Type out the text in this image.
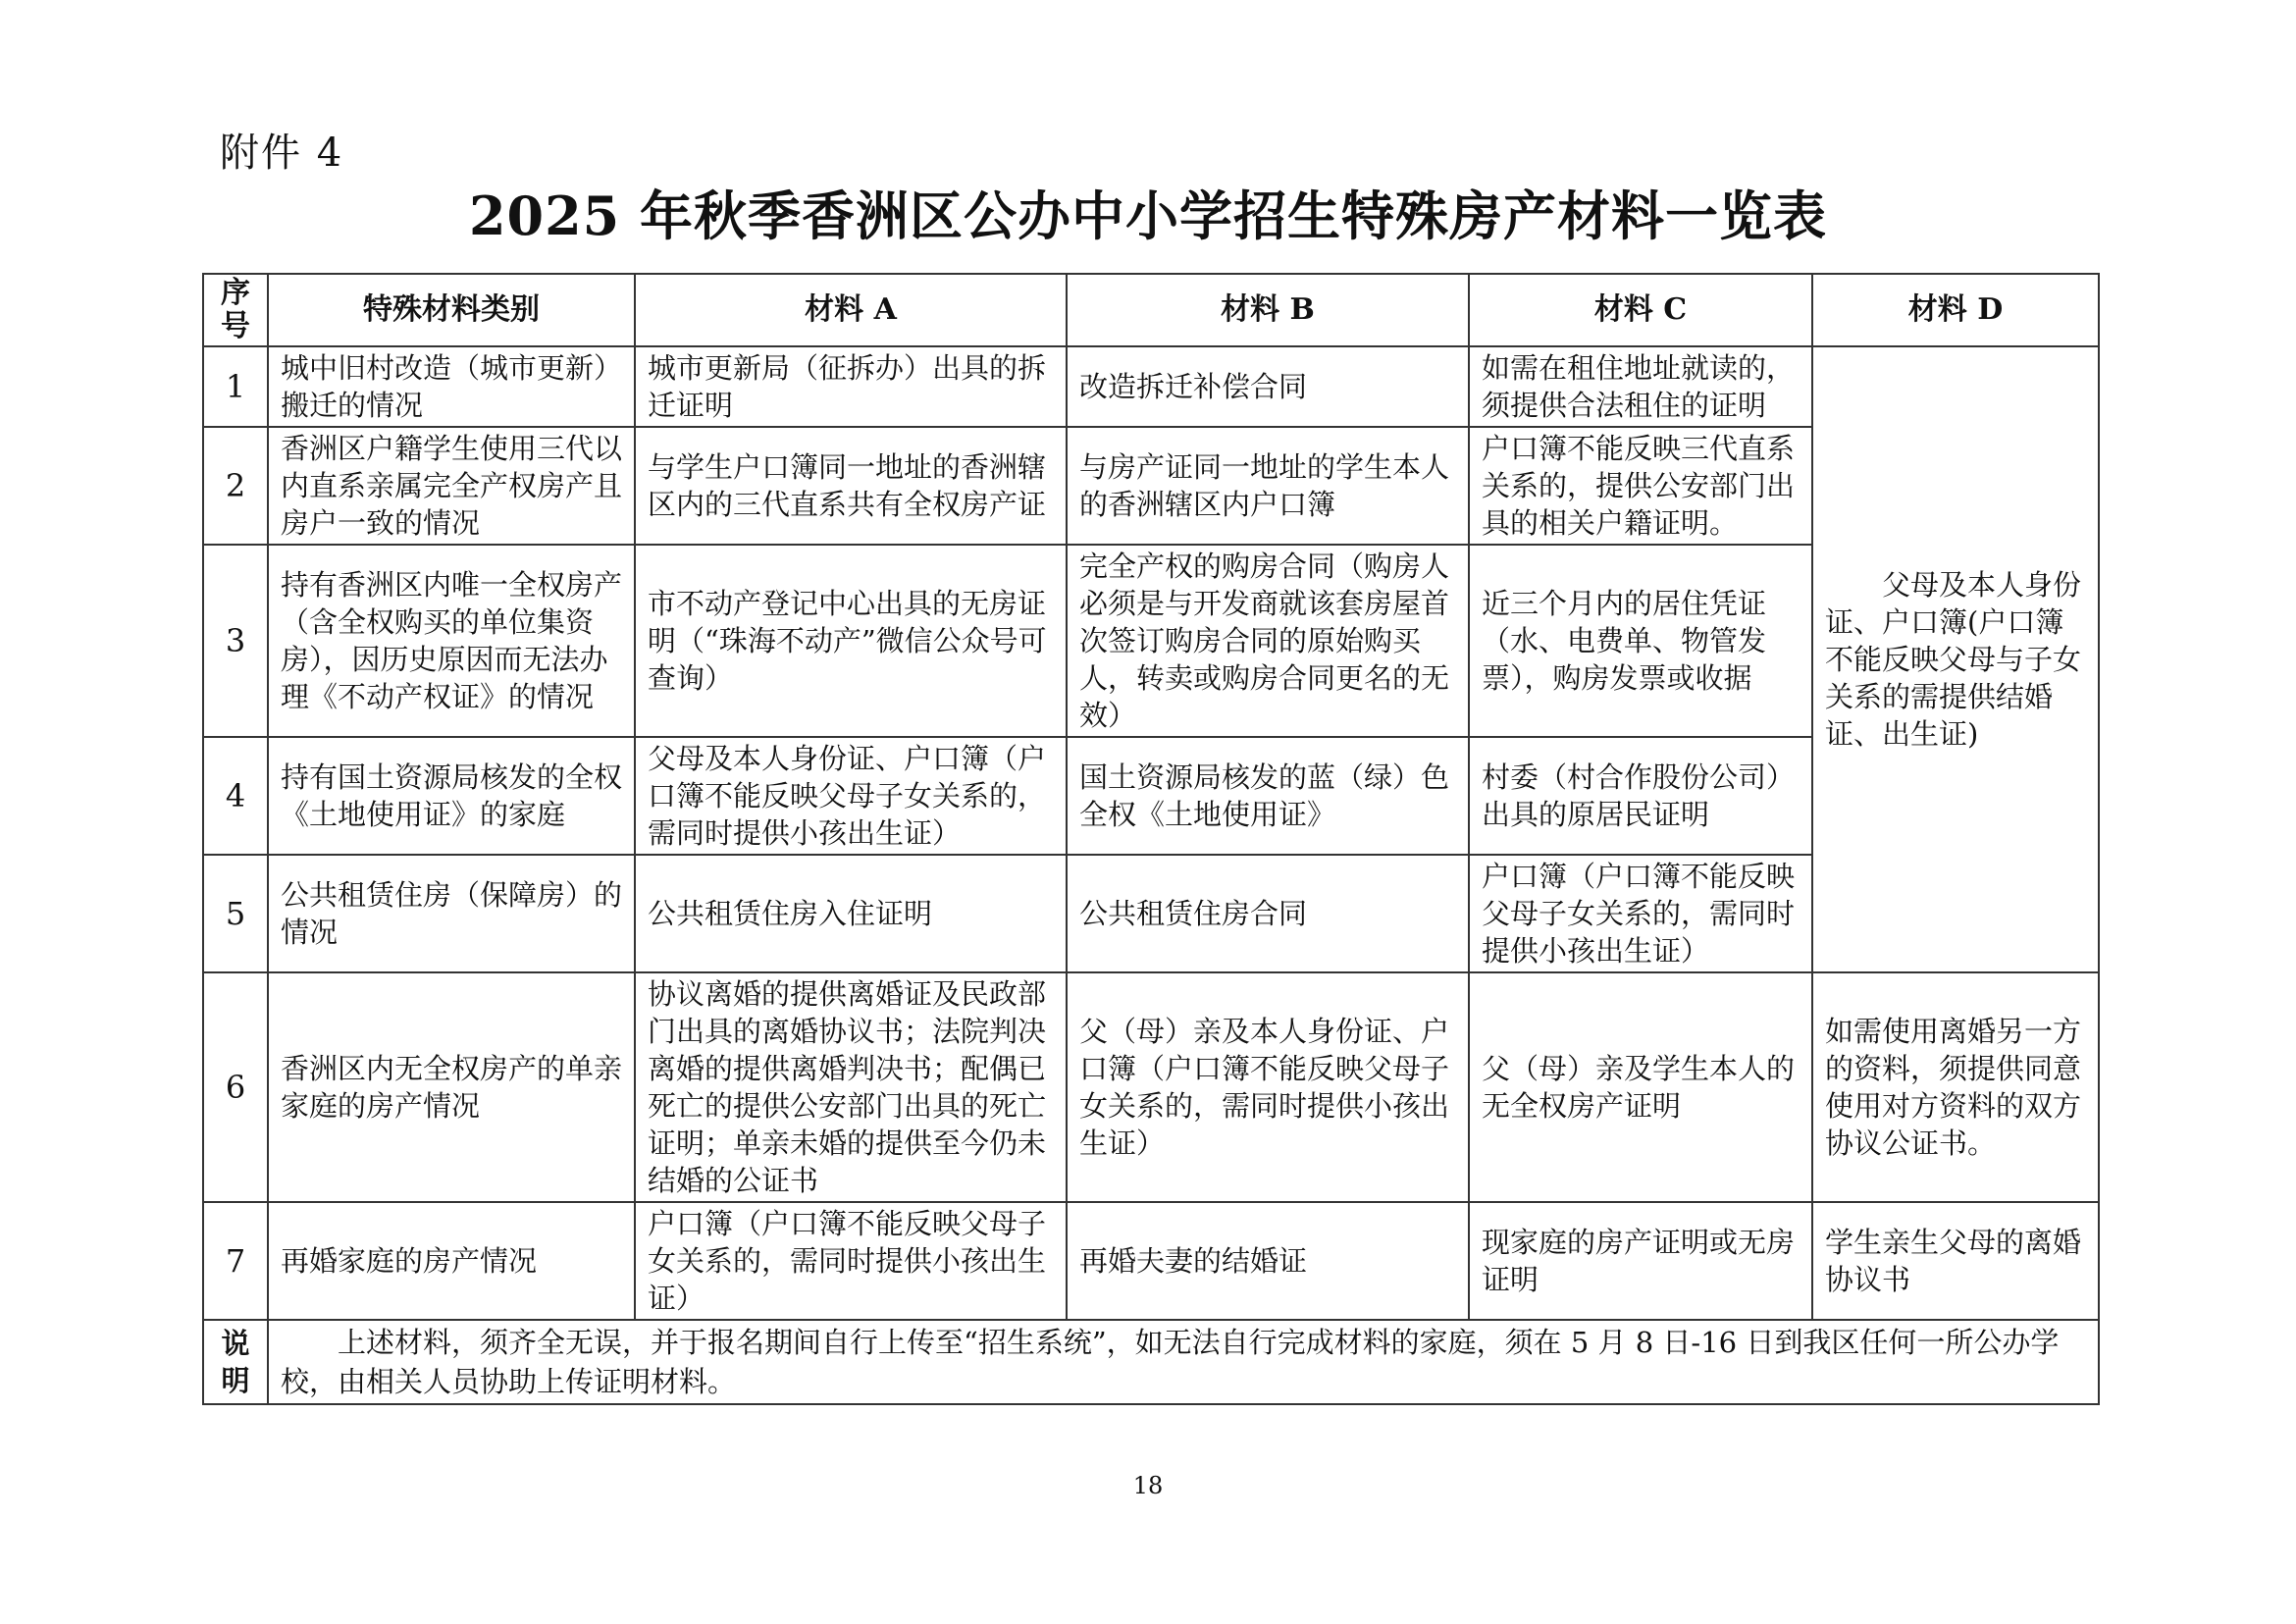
附件 4
2025 年秋季香洲区公办中小学招生特殊房产材料一览表
序号	特殊材料类别	材料 A	材料 B	材料 C	材料 D
1	城中旧村改造（城市更新）搬迁的情况	城市更新局（征拆办）出具的拆迁证明	改造拆迁补偿合同	如需在租住地址就读的，须提供合法租住的证明	父母及本人身份证、户口簿(户口簿不能反映父母与子女关系的需提供结婚证、出生证)
2	香洲区户籍学生使用三代以内直系亲属完全产权房产且房户一致的情况	与学生户口簿同一地址的香洲辖区内的三代直系共有全权房产证	与房产证同一地址的学生本人的香洲辖区内户口簿	户口簿不能反映三代直系关系的，提供公安部门出具的相关户籍证明。	
3	持有香洲区内唯一全权房产（含全权购买的单位集资房），因历史原因而无法办理《不动产权证》的情况	市不动产登记中心出具的无房证明（“珠海不动产”微信公众号可查询）	完全产权的购房合同（购房人必须是与开发商就该套房屋首次签订购房合同的原始购买人，转卖或购房合同更名的无效）	近三个月内的居住凭证（水、电费单、物管发票），购房发票或收据	
4	持有国土资源局核发的全权《土地使用证》的家庭	父母及本人身份证、户口簿（户口簿不能反映父母子女关系的，需同时提供小孩出生证）	国土资源局核发的蓝（绿）色全权《土地使用证》	村委（村合作股份公司）出具的原居民证明	
5	公共租赁住房（保障房）的情况	公共租赁住房入住证明	公共租赁住房合同	户口簿（户口簿不能反映父母子女关系的，需同时提供小孩出生证）	
6	香洲区内无全权房产的单亲家庭的房产情况	协议离婚的提供离婚证及民政部门出具的离婚协议书；法院判决离婚的提供离婚判决书；配偶已死亡的提供公安部门出具的死亡证明；单亲未婚的提供至今仍未结婚的公证书	父（母）亲及本人身份证、户口簿（户口簿不能反映父母子女关系的，需同时提供小孩出生证）	父（母）亲及学生本人的无全权房产证明	如需使用离婚另一方的资料，须提供同意使用对方资料的双方协议公证书。
7	再婚家庭的房产情况	户口簿（户口簿不能反映父母子女关系的，需同时提供小孩出生证）	再婚夫妻的结婚证	现家庭的房产证明或无房证明	学生亲生父母的离婚协议书
说明	上述材料，须齐全无误，并于报名期间自行上传至“招生系统”，如无法自行完成材料的家庭，须在 5 月 8 日-16 日到我区任何一所公办学校，由相关人员协助上传证明材料。				
18
